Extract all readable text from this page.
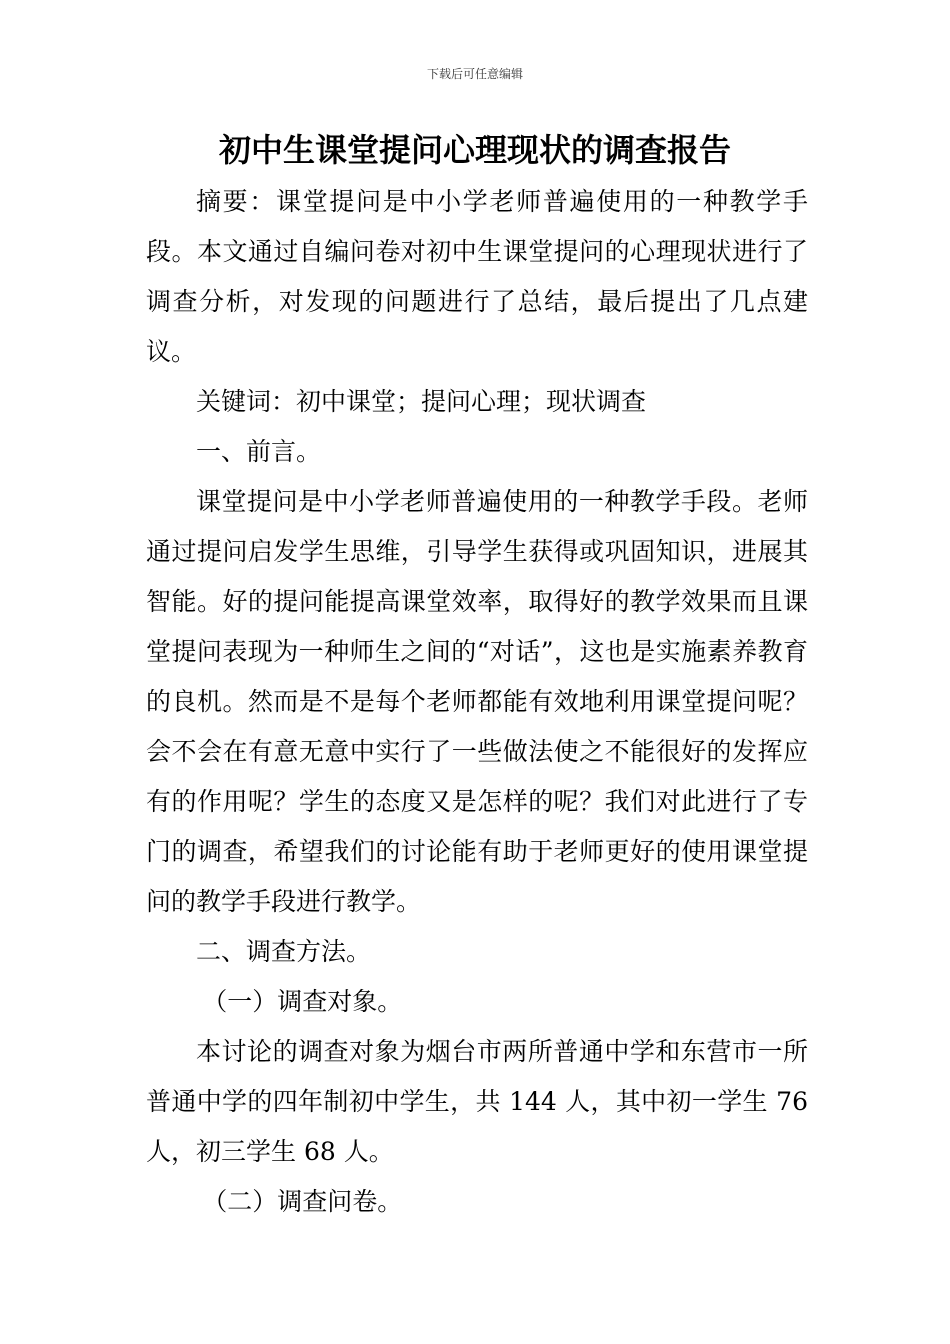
下载后可任意编辑
初中生课堂提问心理现状的调查报告

摘要：课堂提问是中小学老师普遍使用的一种教学手段。本文通过自编问卷对初中生课堂提问的心理现状进行了调查分析，对发现的问题进行了总结，最后提出了几点建议。

关键词：初中课堂；提问心理；现状调查

一、前言。

课堂提问是中小学老师普遍使用的一种教学手段。老师通过提问启发学生思维，引导学生获得或巩固知识，进展其智能。好的提问能提高课堂效率，取得好的教学效果而且课堂提问表现为一种师生之间的“对话”，这也是实施素养教育的良机。然而是不是每个老师都能有效地利用课堂提问呢？会不会在有意无意中实行了一些做法使之不能很好的发挥应有的作用呢？学生的态度又是怎样的呢？我们对此进行了专门的调查，希望我们的讨论能有助于老师更好的使用课堂提问的教学手段进行教学。

二、调查方法。

（一）调查对象。

本讨论的调查对象为烟台市两所普通中学和东营市一所普通中学的四年制初中学生，共 144 人，其中初一学生 76 人，初三学生 68 人。

（二）调查问卷。
